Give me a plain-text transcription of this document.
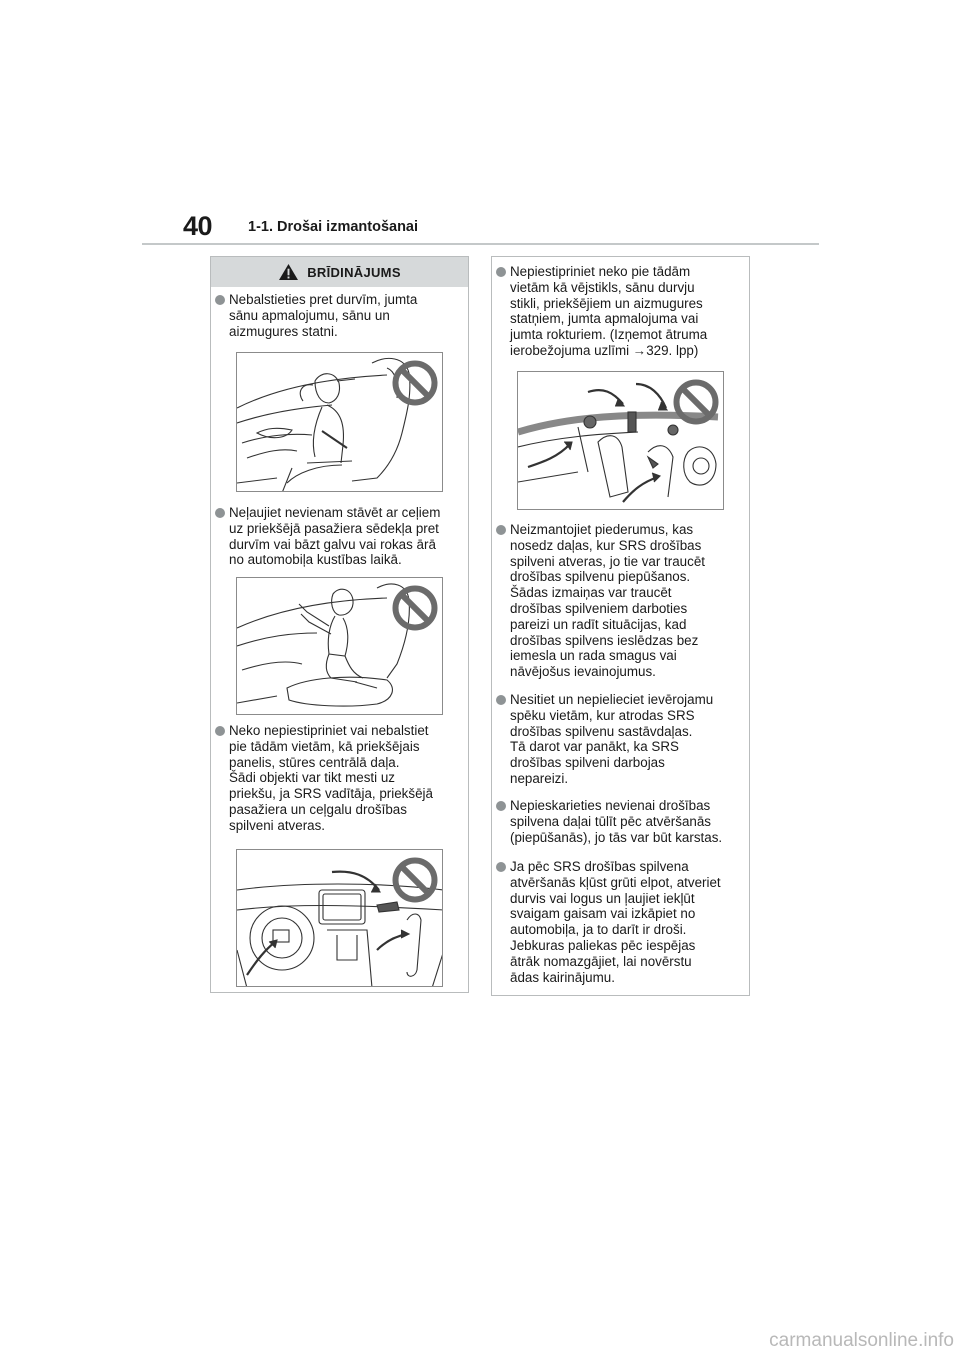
40 1-1. Drošai izmantošanai
BRĪDINĀJUMS
Nebalstieties pret durvīm, jumta
sānu apmalojumu, sānu un
aizmugures statni.
Neļaujiet nevienam stāvēt ar ceļiem
uz priekšējā pasažiera sēdekļa pret
durvīm vai bāzt galvu vai rokas ārā
no automobiļa kustības laikā.
Neko nepiestipriniet vai nebalstiet
pie tādām vietām, kā priekšējais
panelis, stūres centrālā daļa.
Šādi objekti var tikt mesti uz
priekšu, ja SRS vadītāja, priekšējā
pasažiera un ceļgalu drošības
spilveni atveras.
Nepiestipriniet neko pie tādām
vietām kā vējstikls, sānu durvju
stikli, priekšējiem un aizmugures
statņiem, jumta apmalojuma vai
jumta rokturiem. (Izņemot ātruma
ierobežojuma uzlīmi →329. lpp)
Neizmantojiet piederumus, kas
nosedz daļas, kur SRS drošības
spilveni atveras, jo tie var traucēt
drošības spilvenu piepūšanos.
Šādas izmaiņas var traucēt
drošības spilveniem darboties
pareizi un radīt situācijas, kad
drošības spilvens ieslēdzas bez
iemesla un rada smagus vai
nāvējošus ievainojumus.
Nesitiet un nepielieciet ievērojamu
spēku vietām, kur atrodas SRS
drošības spilvenu sastāvdaļas.
Tā darot var panākt, ka SRS
drošības spilveni darbojas
nepareizi.
Nepieskarieties nevienai drošības
spilvena daļai tūlīt pēc atvēršanās
(piepūšanās), jo tās var būt karstas.
Ja pēc SRS drošības spilvena
atvēršanās kļūst grūti elpot, atveriet
durvis vai logus un ļaujiet iekļūt
svaigam gaisam vai izkāpiet no
automobiļa, ja to darīt ir droši.
Jebkuras paliekas pēc iespējas
ātrāk nomazgājiet, lai novērstu
ādas kairinājumu.
carmanualsonline.info
